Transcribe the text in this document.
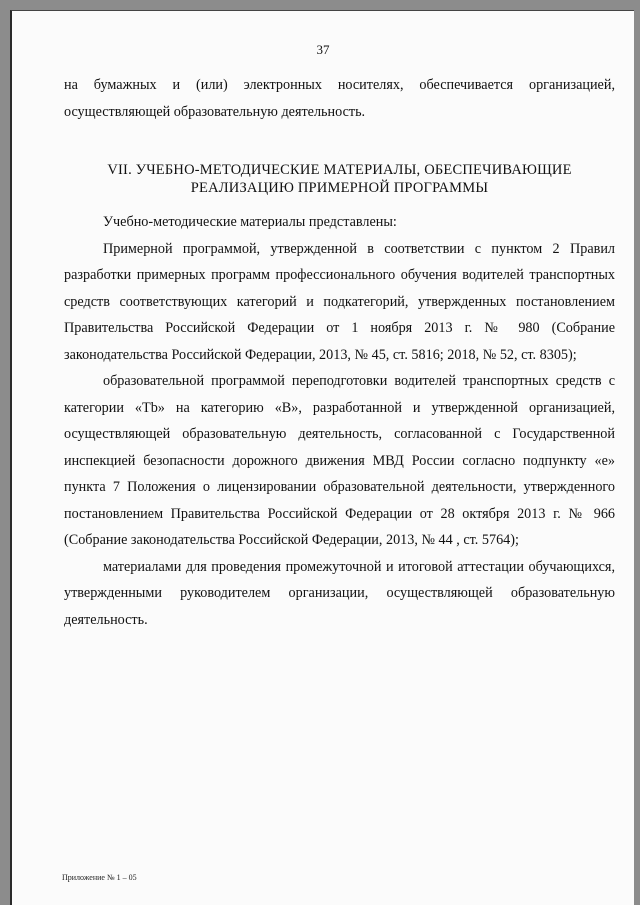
37

на бумажных и (или) электронных носителях, обеспечивается организацией, осуществляющей образовательную деятельность.

VII. УЧЕБНО-МЕТОДИЧЕСКИЕ МАТЕРИАЛЫ, ОБЕСПЕЧИВАЮЩИЕ
РЕАЛИЗАЦИЮ ПРИМЕРНОЙ ПРОГРАММЫ

Учебно-методические материалы представлены:

Примерной программой, утвержденной в соответствии с пунктом 2 Правил разработки примерных программ профессионального обучения водителей транспортных средств соответствующих категорий и подкатегорий, утвержденных постановлением Правительства Российской Федерации от 1 ноября 2013 г. № 980 (Собрание законодательства Российской Федерации, 2013, № 45, ст. 5816; 2018, № 52, ст. 8305);

образовательной программой переподготовки водителей транспортных средств с категории «Tb» на категорию «B», разработанной и утвержденной организацией, осуществляющей образовательную деятельность, согласованной с Государственной инспекцией безопасности дорожного движения МВД России согласно подпункту «е» пункта 7 Положения о лицензировании образовательной деятельности, утвержденного постановлением Правительства Российской Федерации от 28 октября 2013 г. № 966 (Собрание законодательства Российской Федерации, 2013, № 44 , ст. 5764);

материалами для проведения промежуточной и итоговой аттестации обучающихся, утвержденными руководителем организации, осуществляющей образовательную деятельность.

Приложение № 1 – 05
